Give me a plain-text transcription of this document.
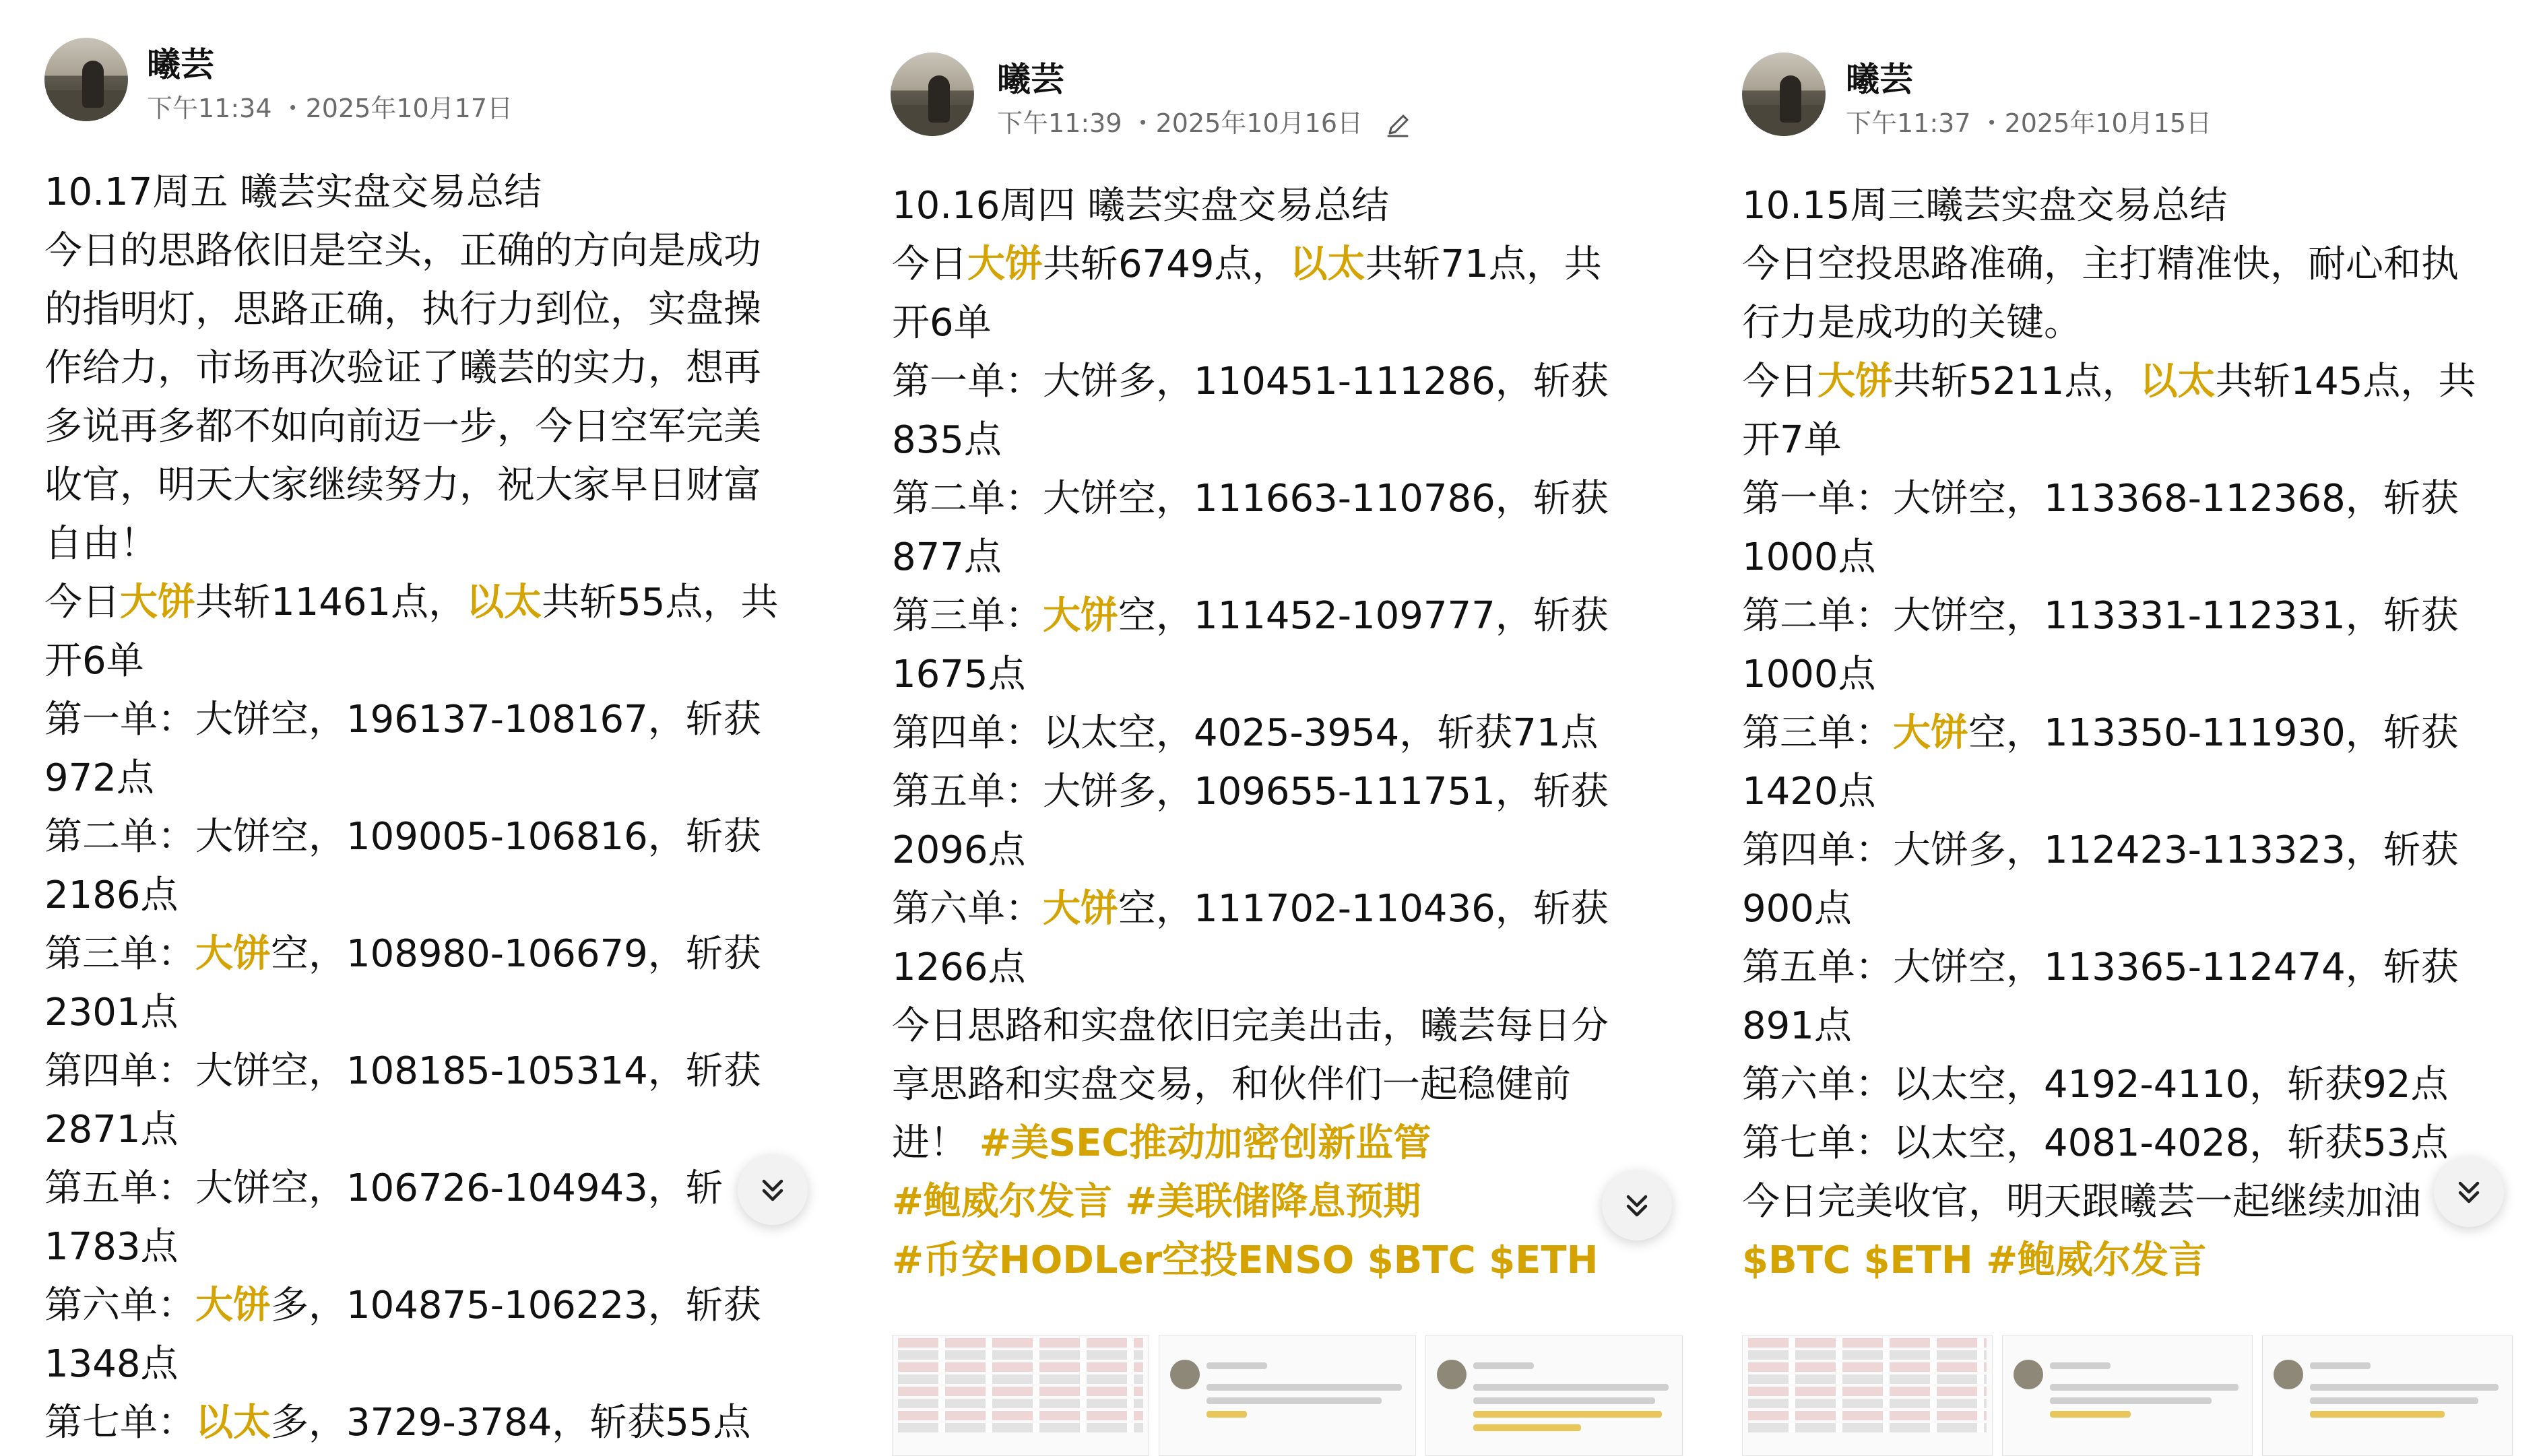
曦芸
下午11:34 ・2025年10月17日
10.17周五 曦芸实盘交易总结
今日的思路依旧是空头，正确的方向是成功
的指明灯，思路正确，执行力到位，实盘操
作给力，市场再次验证了曦芸的实力，想再
多说再多都不如向前迈一步，今日空军完美
收官，明天大家继续努力，祝大家早日财富
自由！
今日大饼共斩11461点，以太共斩55点，共
开6单
第一单：大饼空，196137-108167，斩获
972点
第二单：大饼空，109005-106816，斩获
2186点
第三单：大饼空，108980-106679，斩获
2301点
第四单：大饼空，108185-105314，斩获
2871点
第五单：大饼空，106726-104943，斩
1783点
第六单：大饼多，104875-106223，斩获
1348点
第七单：以太多，3729-3784，斩获55点
曦芸
下午11:39 ・2025年10月16日
10.16周四 曦芸实盘交易总结
今日大饼共斩6749点，以太共斩71点，共
开6单
第一单：大饼多，110451-111286，斩获
835点
第二单：大饼空，111663-110786，斩获
877点
第三单：大饼空，111452-109777，斩获
1675点
第四单：以太空，4025-3954，斩获71点
第五单：大饼多，109655-111751，斩获
2096点
第六单：大饼空，111702-110436，斩获
1266点
今日思路和实盘依旧完美出击，曦芸每日分
享思路和实盘交易，和伙伴们一起稳健前
进！ #美SEC推动加密创新监管
#鲍威尔发言 #美联储降息预期
#币安HODLer空投ENSO $BTC $ETH
曦芸
下午11:37 ・2025年10月15日
10.15周三曦芸实盘交易总结
今日空投思路准确，主打精准快，耐心和执
行力是成功的关键。
今日大饼共斩5211点，以太共斩145点，共
开7单
第一单：大饼空，113368-112368，斩获
1000点
第二单：大饼空，113331-112331，斩获
1000点
第三单：大饼空，113350-111930，斩获
1420点
第四单：大饼多，112423-113323，斩获
900点
第五单：大饼空，113365-112474，斩获
891点
第六单：以太空，4192-4110，斩获92点
第七单：以太空，4081-4028，斩获53点
今日完美收官，明天跟曦芸一起继续加油
$BTC $ETH #鲍威尔发言
